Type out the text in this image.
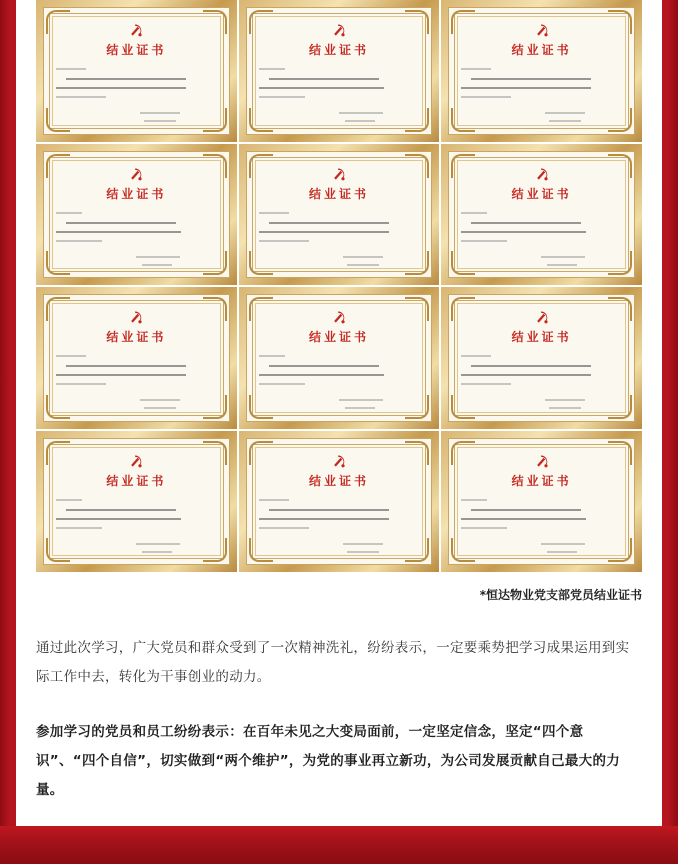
结业证书	结业证书	结业证书
结业证书	结业证书	结业证书
结业证书	结业证书	结业证书
结业证书	结业证书	结业证书
*恒达物业党支部党员结业证书
通过此次学习，广大党员和群众受到了一次精神洗礼，纷纷表示，一定要乘势把学习成果运用到实际工作中去，转化为干事创业的动力。
参加学习的党员和员工纷纷表示：在百年未见之大变局面前，一定坚定信念，坚定“四个意识”、“四个自信”，切实做到“两个维护”，为党的事业再立新功，为公司发展贡献自己最大的力量。
